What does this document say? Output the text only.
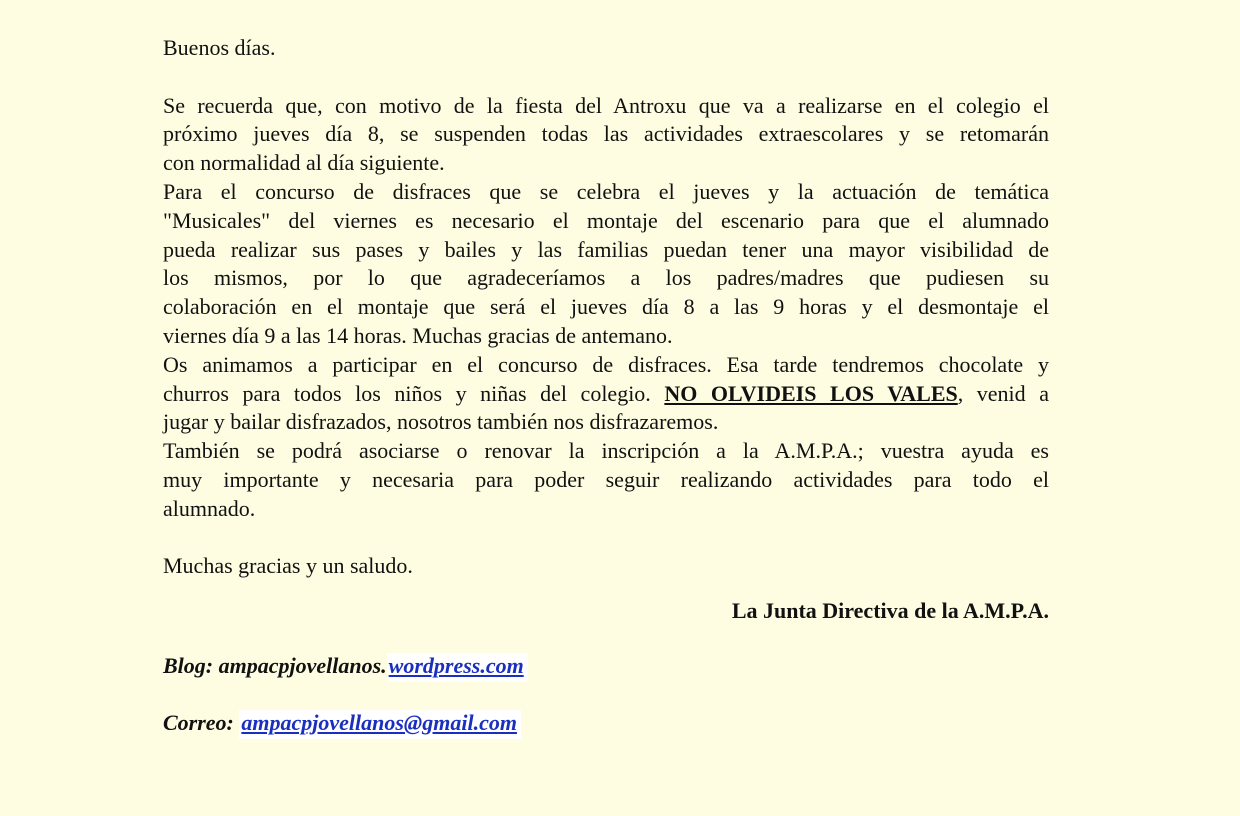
Buenos días.
Se recuerda que, con motivo de la fiesta del Antroxu que va a realizarse en el colegio el
próximo jueves día 8, se suspenden todas las actividades extraescolares y se retomarán
con normalidad al día siguiente.
Para el concurso de disfraces que se celebra el jueves y la actuación de temática
"Musicales" del viernes es necesario el montaje del escenario para que el alumnado
pueda realizar sus pases y bailes y las familias puedan tener una mayor visibilidad de
los mismos, por lo que agradeceríamos a los padres/madres que pudiesen su
colaboración en el montaje que será el jueves día 8 a las 9 horas y el desmontaje el
viernes día 9 a las 14 horas. Muchas gracias de antemano.
Os animamos a participar en el concurso de disfraces. Esa tarde tendremos chocolate y
churros para todos los niños y niñas del colegio. NO OLVIDEIS LOS VALES, venid a
jugar y bailar disfrazados, nosotros también nos disfrazaremos.
También se podrá asociarse o renovar la inscripción a la A.M.P.A.; vuestra ayuda es
muy importante y necesaria para poder seguir realizando actividades para todo el
alumnado.
Muchas gracias y un saludo.
La Junta Directiva de la A.M.P.A.
Blog: ampacpjovellanos.wordpress.com
Correo: ampacpjovellanos@gmail.com
